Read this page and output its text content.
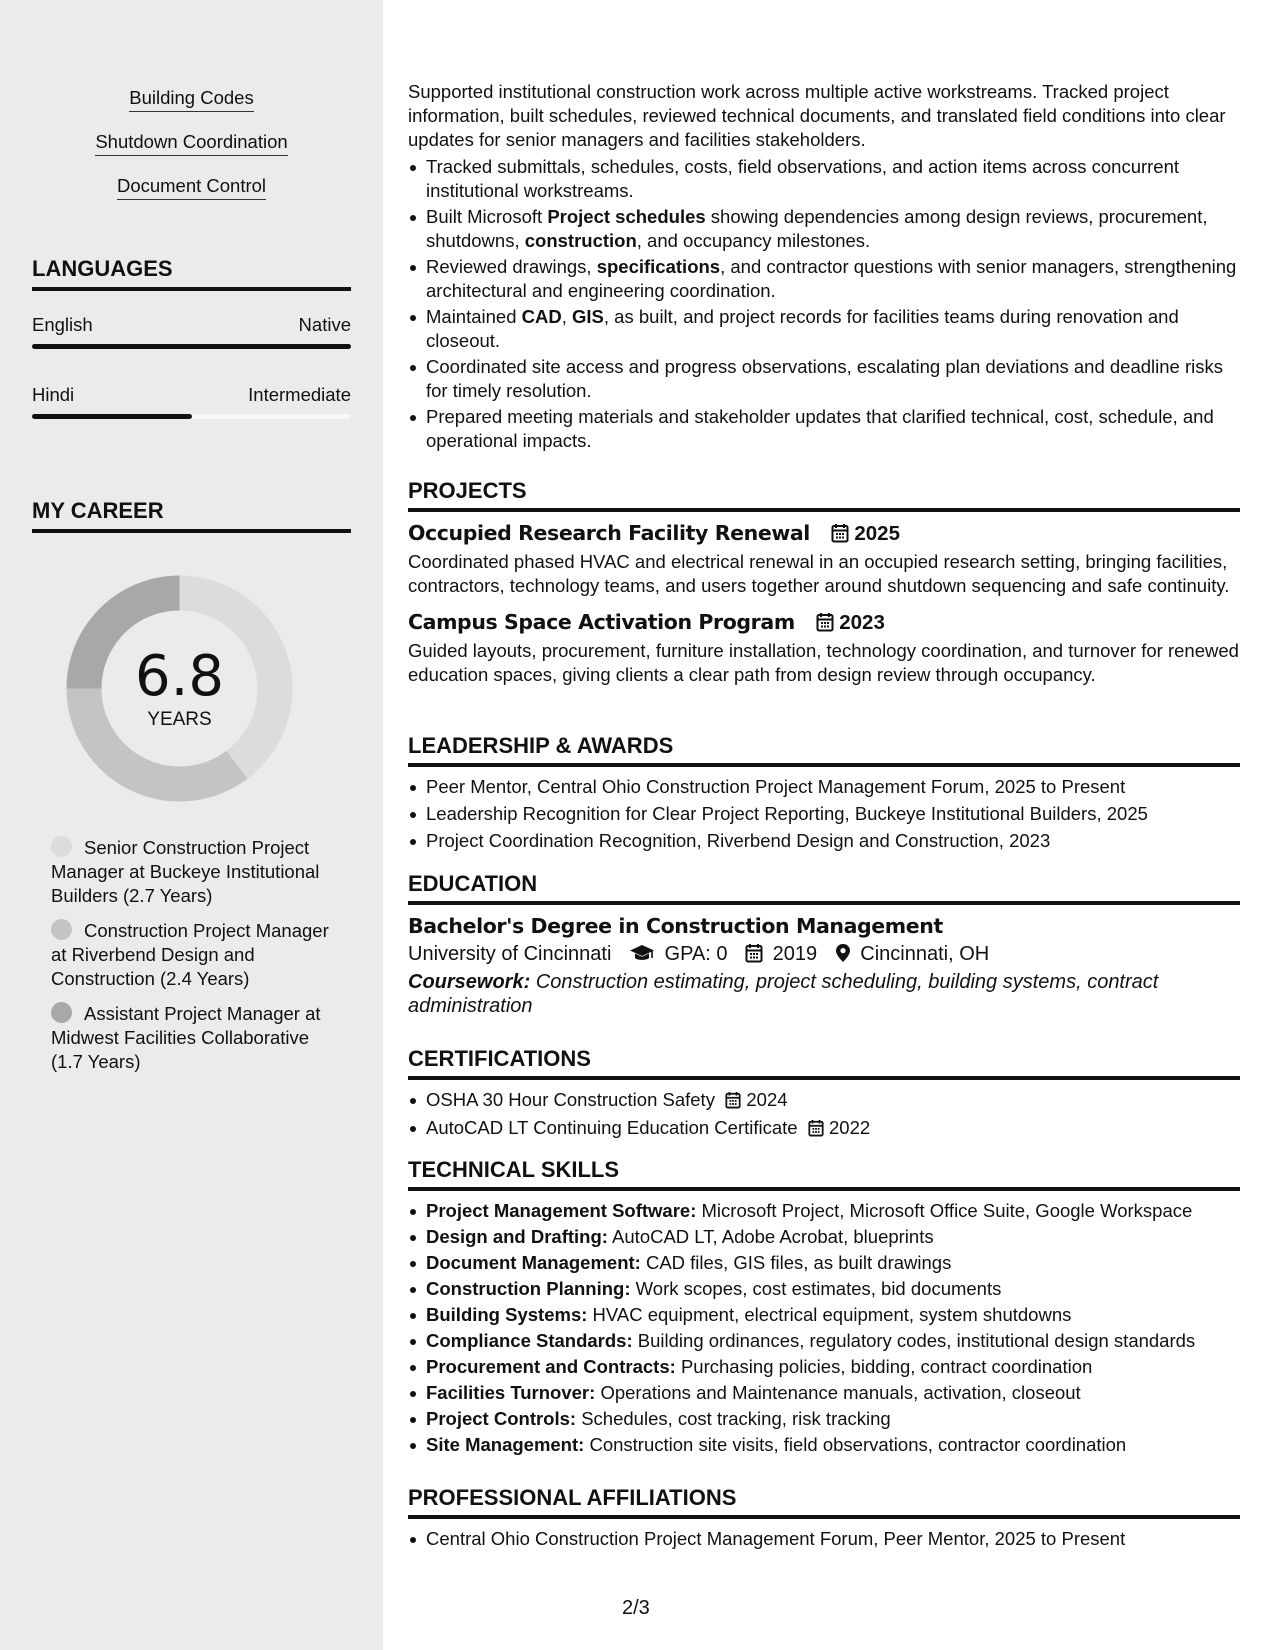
Building Codes
Shutdown Coordination
Document Control
LANGUAGES
English	Native
Hindi	Intermediate
MY CAREER
6.8
YEARS
Senior Construction Project Manager at Buckeye Institutional Builders (2.7 Years)
Construction Project Manager at Riverbend Design and Construction (2.4 Years)
Assistant Project Manager at Midwest Facilities Collaborative (1.7 Years)

Supported institutional construction work across multiple active workstreams. Tracked project information, built schedules, reviewed technical documents, and translated field conditions into clear updates for senior managers and facilities stakeholders.

Tracked submittals, schedules, costs, field observations, and action items across concurrent institutional workstreams.
Built Microsoft Project schedules showing dependencies among design reviews, procurement, shutdowns, construction, and occupancy milestones.
Reviewed drawings, specifications, and contractor questions with senior managers, strengthening architectural and engineering coordination.
Maintained CAD, GIS, as built, and project records for facilities teams during renovation and closeout.
Coordinated site access and progress observations, escalating plan deviations and deadline risks for timely resolution.
Prepared meeting materials and stakeholder updates that clarified technical, cost, schedule, and operational impacts.
PROJECTS
Occupied Research Facility Renewal 2025

Coordinated phased HVAC and electrical renewal in an occupied research setting, bringing facilities, contractors, technology teams, and users together around shutdown sequencing and safe continuity.

Campus Space Activation Program 2023

Guided layouts, procurement, furniture installation, technology coordination, and turnover for renewed education spaces, giving clients a clear path from design review through occupancy.

LEADERSHIP & AWARDS
Peer Mentor, Central Ohio Construction Project Management Forum, 2025 to Present
Leadership Recognition for Clear Project Reporting, Buckeye Institutional Builders, 2025
Project Coordination Recognition, Riverbend Design and Construction, 2023
EDUCATION
Bachelor's Degree in Construction Management
University of Cincinnati	GPA: 0 2019 Cincinnati, OH
Coursework: Construction estimating, project scheduling, building systems, contract administration
CERTIFICATIONS
OSHA 30 Hour Construction Safety 2024
AutoCAD LT Continuing Education Certificate 2022
TECHNICAL SKILLS
Project Management Software: Microsoft Project, Microsoft Office Suite, Google Workspace
Design and Drafting: AutoCAD LT, Adobe Acrobat, blueprints
Document Management: CAD files, GIS files, as built drawings
Construction Planning: Work scopes, cost estimates, bid documents
Building Systems: HVAC equipment, electrical equipment, system shutdowns
Compliance Standards: Building ordinances, regulatory codes, institutional design standards
Procurement and Contracts: Purchasing policies, bidding, contract coordination
Facilities Turnover: Operations and Maintenance manuals, activation, closeout
Project Controls: Schedules, cost tracking, risk tracking
Site Management: Construction site visits, field observations, contractor coordination
PROFESSIONAL AFFILIATIONS
Central Ohio Construction Project Management Forum, Peer Mentor, 2025 to Present
2/3
